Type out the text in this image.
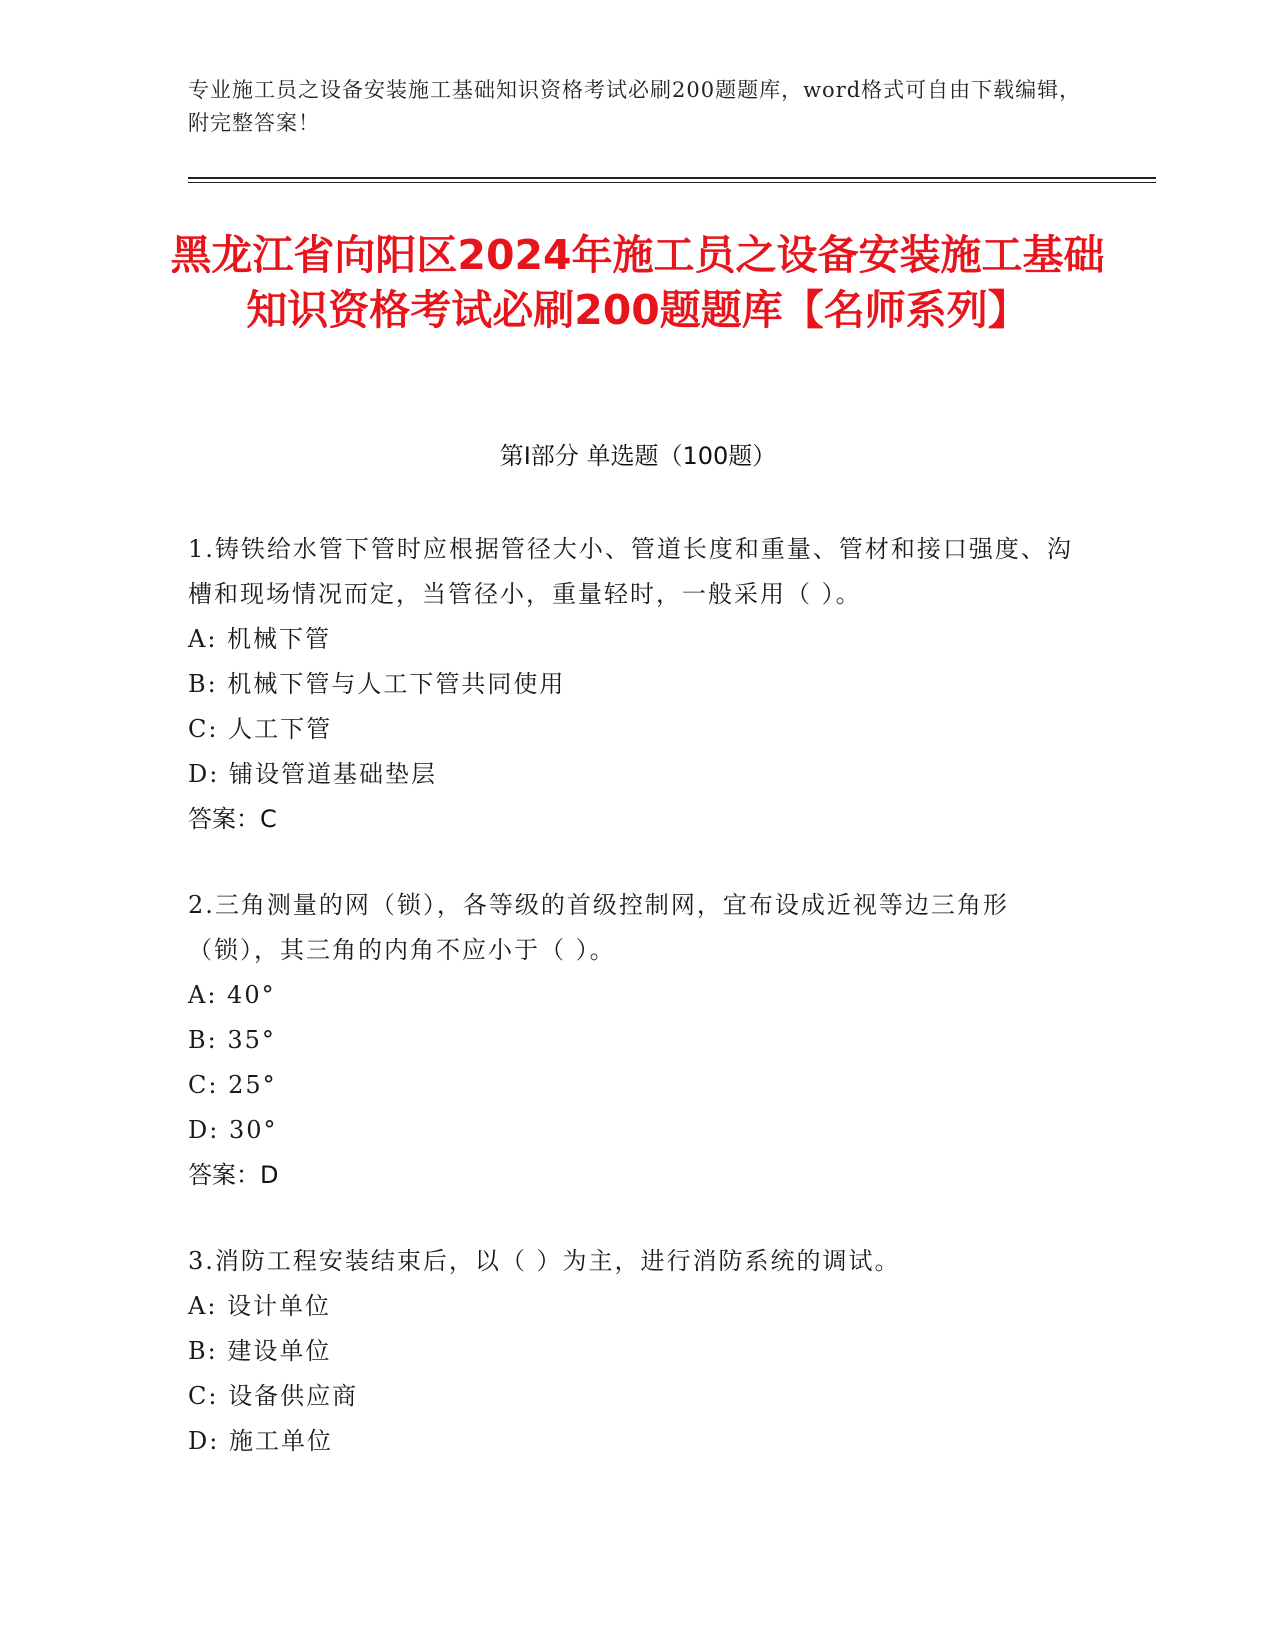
专业施工员之设备安装施工基础知识资格考试必刷200题题库，word格式可自由下载编辑，附完整答案！
黑龙江省向阳区2024年施工员之设备安装施工基础知识资格考试必刷200题题库【名师系列】
第Ⅰ部分 单选题（100题）
1.铸铁给水管下管时应根据管径大小、管道长度和重量、管材和接口强度、沟槽和现场情况而定，当管径小，重量轻时，一般采用（ ）。
A: 机械下管
B: 机械下管与人工下管共同使用
C: 人工下管
D: 铺设管道基础垫层
答案：C
2.三角测量的网（锁），各等级的首级控制网，宜布设成近视等边三角形（锁），其三角的内角不应小于（ ）。
A: 40°
B: 35°
C: 25°
D: 30°
答案：D
3.消防工程安装结束后，以（ ）为主，进行消防系统的调试。
A: 设计单位
B: 建设单位
C: 设备供应商
D: 施工单位
